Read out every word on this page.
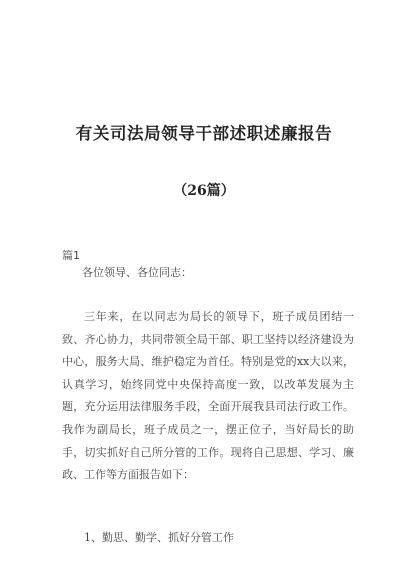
有关司法局领导干部述职述廉报告
（26篇）
篇1
各位领导、各位同志：

三年来，在以同志为局长的领导下，班子成员团结一致、齐心协力，共同带领全局干部、职工坚持以经济建设为中心，服务大局、维护稳定为首任。特别是党的xx大以来，认真学习，始终同党中央保持高度一致，以改革发展为主题，充分运用法律服务手段，全面开展我县司法行政工作。我作为副局长，班子成员之一，摆正位子，当好局长的助手，切实抓好自己所分管的工作。现将自己思想、学习、廉政、工作等方面报告如下：

1、勤思、勤学、抓好分管工作
